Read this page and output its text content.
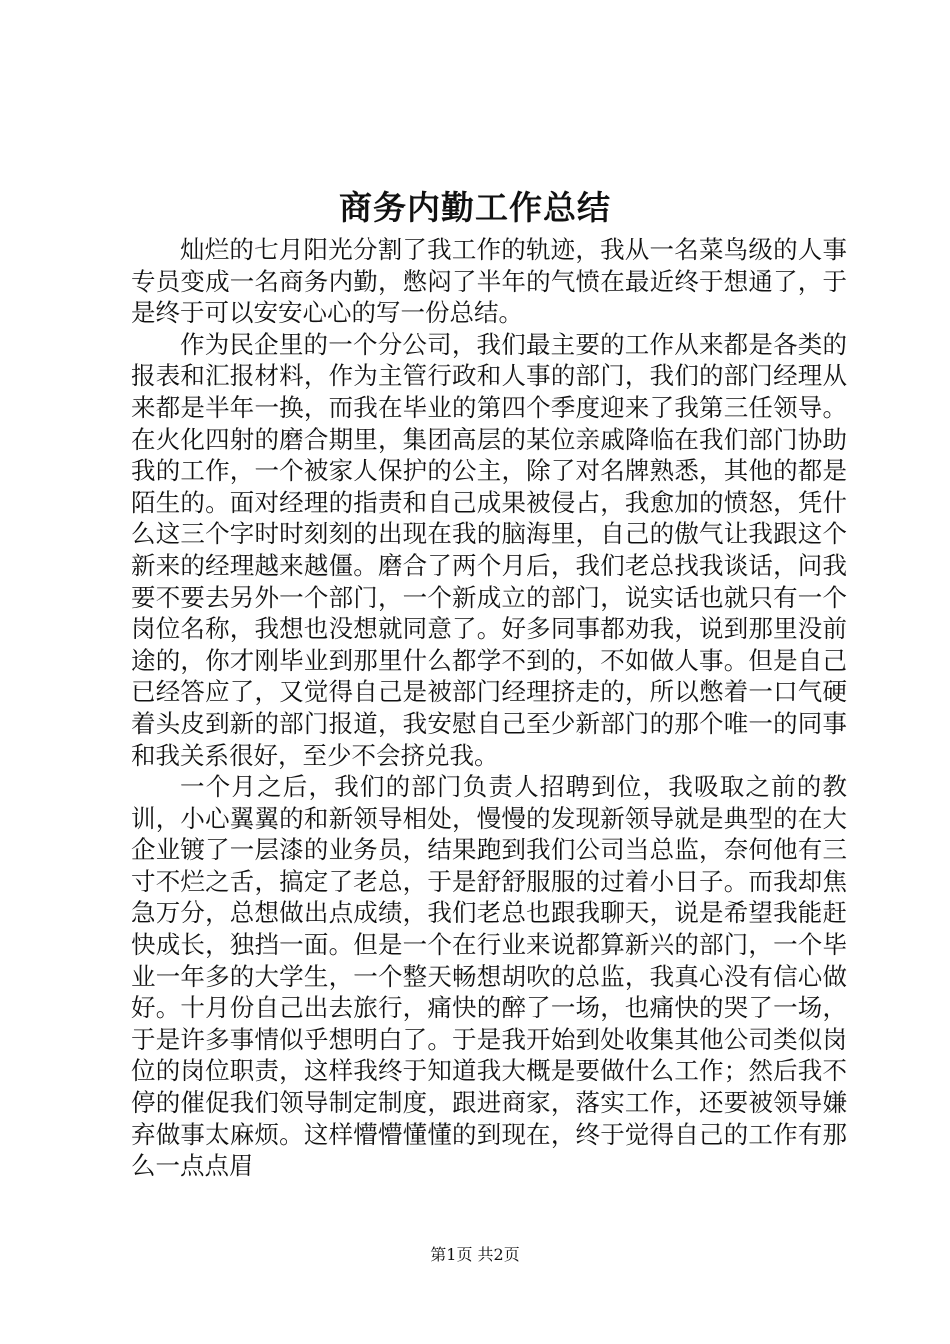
商务内勤工作总结

灿烂的七月阳光分割了我工作的轨迹，我从一名菜鸟级的人事专员变成一名商务内勤，憋闷了半年的气愤在最近终于想通了，于是终于可以安安心心的写一份总结。

作为民企里的一个分公司，我们最主要的工作从来都是各类的报表和汇报材料，作为主管行政和人事的部门，我们的部门经理从来都是半年一换，而我在毕业的第四个季度迎来了我第三任领导。在火化四射的磨合期里，集团高层的某位亲戚降临在我们部门协助我的工作，一个被家人保护的公主，除了对名牌熟悉，其他的都是陌生的。面对经理的指责和自己成果被侵占，我愈加的愤怒，凭什么这三个字时时刻刻的出现在我的脑海里，自己的傲气让我跟这个新来的经理越来越僵。磨合了两个月后，我们老总找我谈话，问我要不要去另外一个部门，一个新成立的部门，说实话也就只有一个岗位名称，我想也没想就同意了。好多同事都劝我，说到那里没前途的，你才刚毕业到那里什么都学不到的，不如做人事。但是自己已经答应了，又觉得自己是被部门经理挤走的，所以憋着一口气硬着头皮到新的部门报道，我安慰自己至少新部门的那个唯一的同事和我关系很好，至少不会挤兑我。

一个月之后，我们的部门负责人招聘到位，我吸取之前的教训，小心翼翼的和新领导相处，慢慢的发现新领导就是典型的在大企业镀了一层漆的业务员，结果跑到我们公司当总监，奈何他有三寸不烂之舌，搞定了老总，于是舒舒服服的过着小日子。而我却焦急万分，总想做出点成绩，我们老总也跟我聊天，说是希望我能赶快成长，独挡一面。但是一个在行业来说都算新兴的部门，一个毕业一年多的大学生，一个整天畅想胡吹的总监，我真心没有信心做好。十月份自己出去旅行，痛快的醉了一场，也痛快的哭了一场，于是许多事情似乎想明白了。于是我开始到处收集其他公司类似岗位的岗位职责，这样我终于知道我大概是要做什么工作；然后我不停的催促我们领导制定制度，跟进商家，落实工作，还要被领导嫌弃做事太麻烦。这样懵懵懂懂的到现在，终于觉得自己的工作有那么一点点眉

第1页 共2页
